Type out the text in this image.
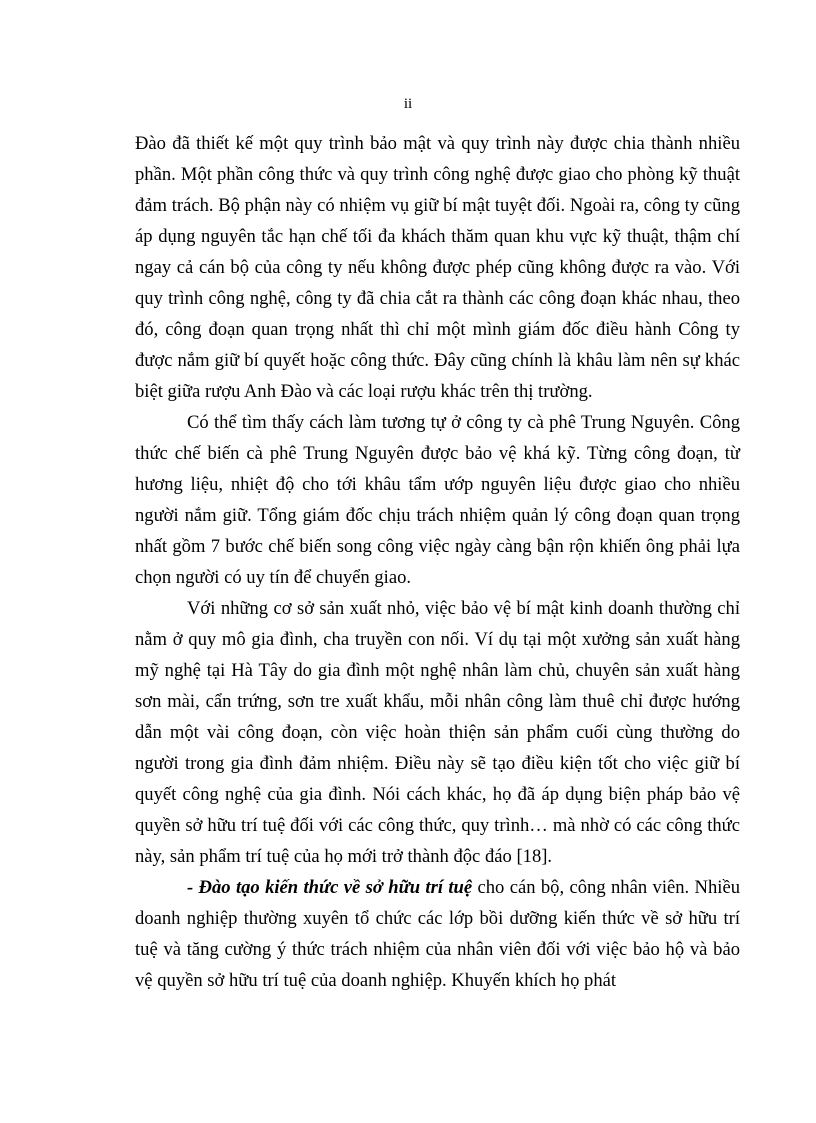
ii

Đào đã thiết kế một quy trình bảo mật và quy trình này được chia thành nhiều phần. Một phần công thức và quy trình công nghệ được giao cho phòng kỹ thuật đảm trách. Bộ phận này có nhiệm vụ giữ bí mật tuyệt đối. Ngoài ra, công ty cũng áp dụng nguyên tắc hạn chế tối đa khách thăm quan khu vực kỹ thuật, thậm chí ngay cả cán bộ của công ty nếu không được phép cũng không được ra vào. Với quy trình công nghệ, công ty đã chia cắt ra thành các công đoạn khác nhau, theo đó, công đoạn quan trọng nhất thì chỉ một mình giám đốc điều hành Công ty được nắm giữ bí quyết hoặc công thức. Đây cũng chính là khâu làm nên sự khác biệt giữa rượu Anh Đào và các loại rượu khác trên thị trường.

Có thể tìm thấy cách làm tương tự ở công ty cà phê Trung Nguyên. Công thức chế biến cà phê Trung Nguyên được bảo vệ khá kỹ. Từng công đoạn, từ hương liệu, nhiệt độ cho tới khâu tẩm ướp nguyên liệu được giao cho nhiều người nắm giữ. Tổng giám đốc chịu trách nhiệm quản lý công đoạn quan trọng nhất gồm 7 bước chế biến song công việc ngày càng bận rộn khiến ông phải lựa chọn người có uy tín để chuyển giao.

Với những cơ sở sản xuất nhỏ, việc bảo vệ bí mật kinh doanh thường chỉ nằm ở quy mô gia đình, cha truyền con nối. Ví dụ tại một xưởng sản xuất hàng mỹ nghệ tại Hà Tây do gia đình một nghệ nhân làm chủ, chuyên sản xuất hàng sơn mài, cẩn trứng, sơn tre xuất khẩu, mỗi nhân công làm thuê chỉ được hướng dẫn một vài công đoạn, còn việc hoàn thiện sản phẩm cuối cùng thường do người trong gia đình đảm nhiệm. Điều này sẽ tạo điều kiện tốt cho việc giữ bí quyết công nghệ của gia đình. Nói cách khác, họ đã áp dụng biện pháp bảo vệ quyền sở hữu trí tuệ đối với các công thức, quy trình… mà nhờ có các công thức này, sản phẩm trí tuệ của họ mới trở thành độc đáo [18].

- Đào tạo kiến thức về sở hữu trí tuệ cho cán bộ, công nhân viên. Nhiều doanh nghiệp thường xuyên tổ chức các lớp bồi dưỡng kiến thức về sở hữu trí tuệ và tăng cường ý thức trách nhiệm của nhân viên đối với việc bảo hộ và bảo vệ quyền sở hữu trí tuệ của doanh nghiệp. Khuyến khích họ phát
